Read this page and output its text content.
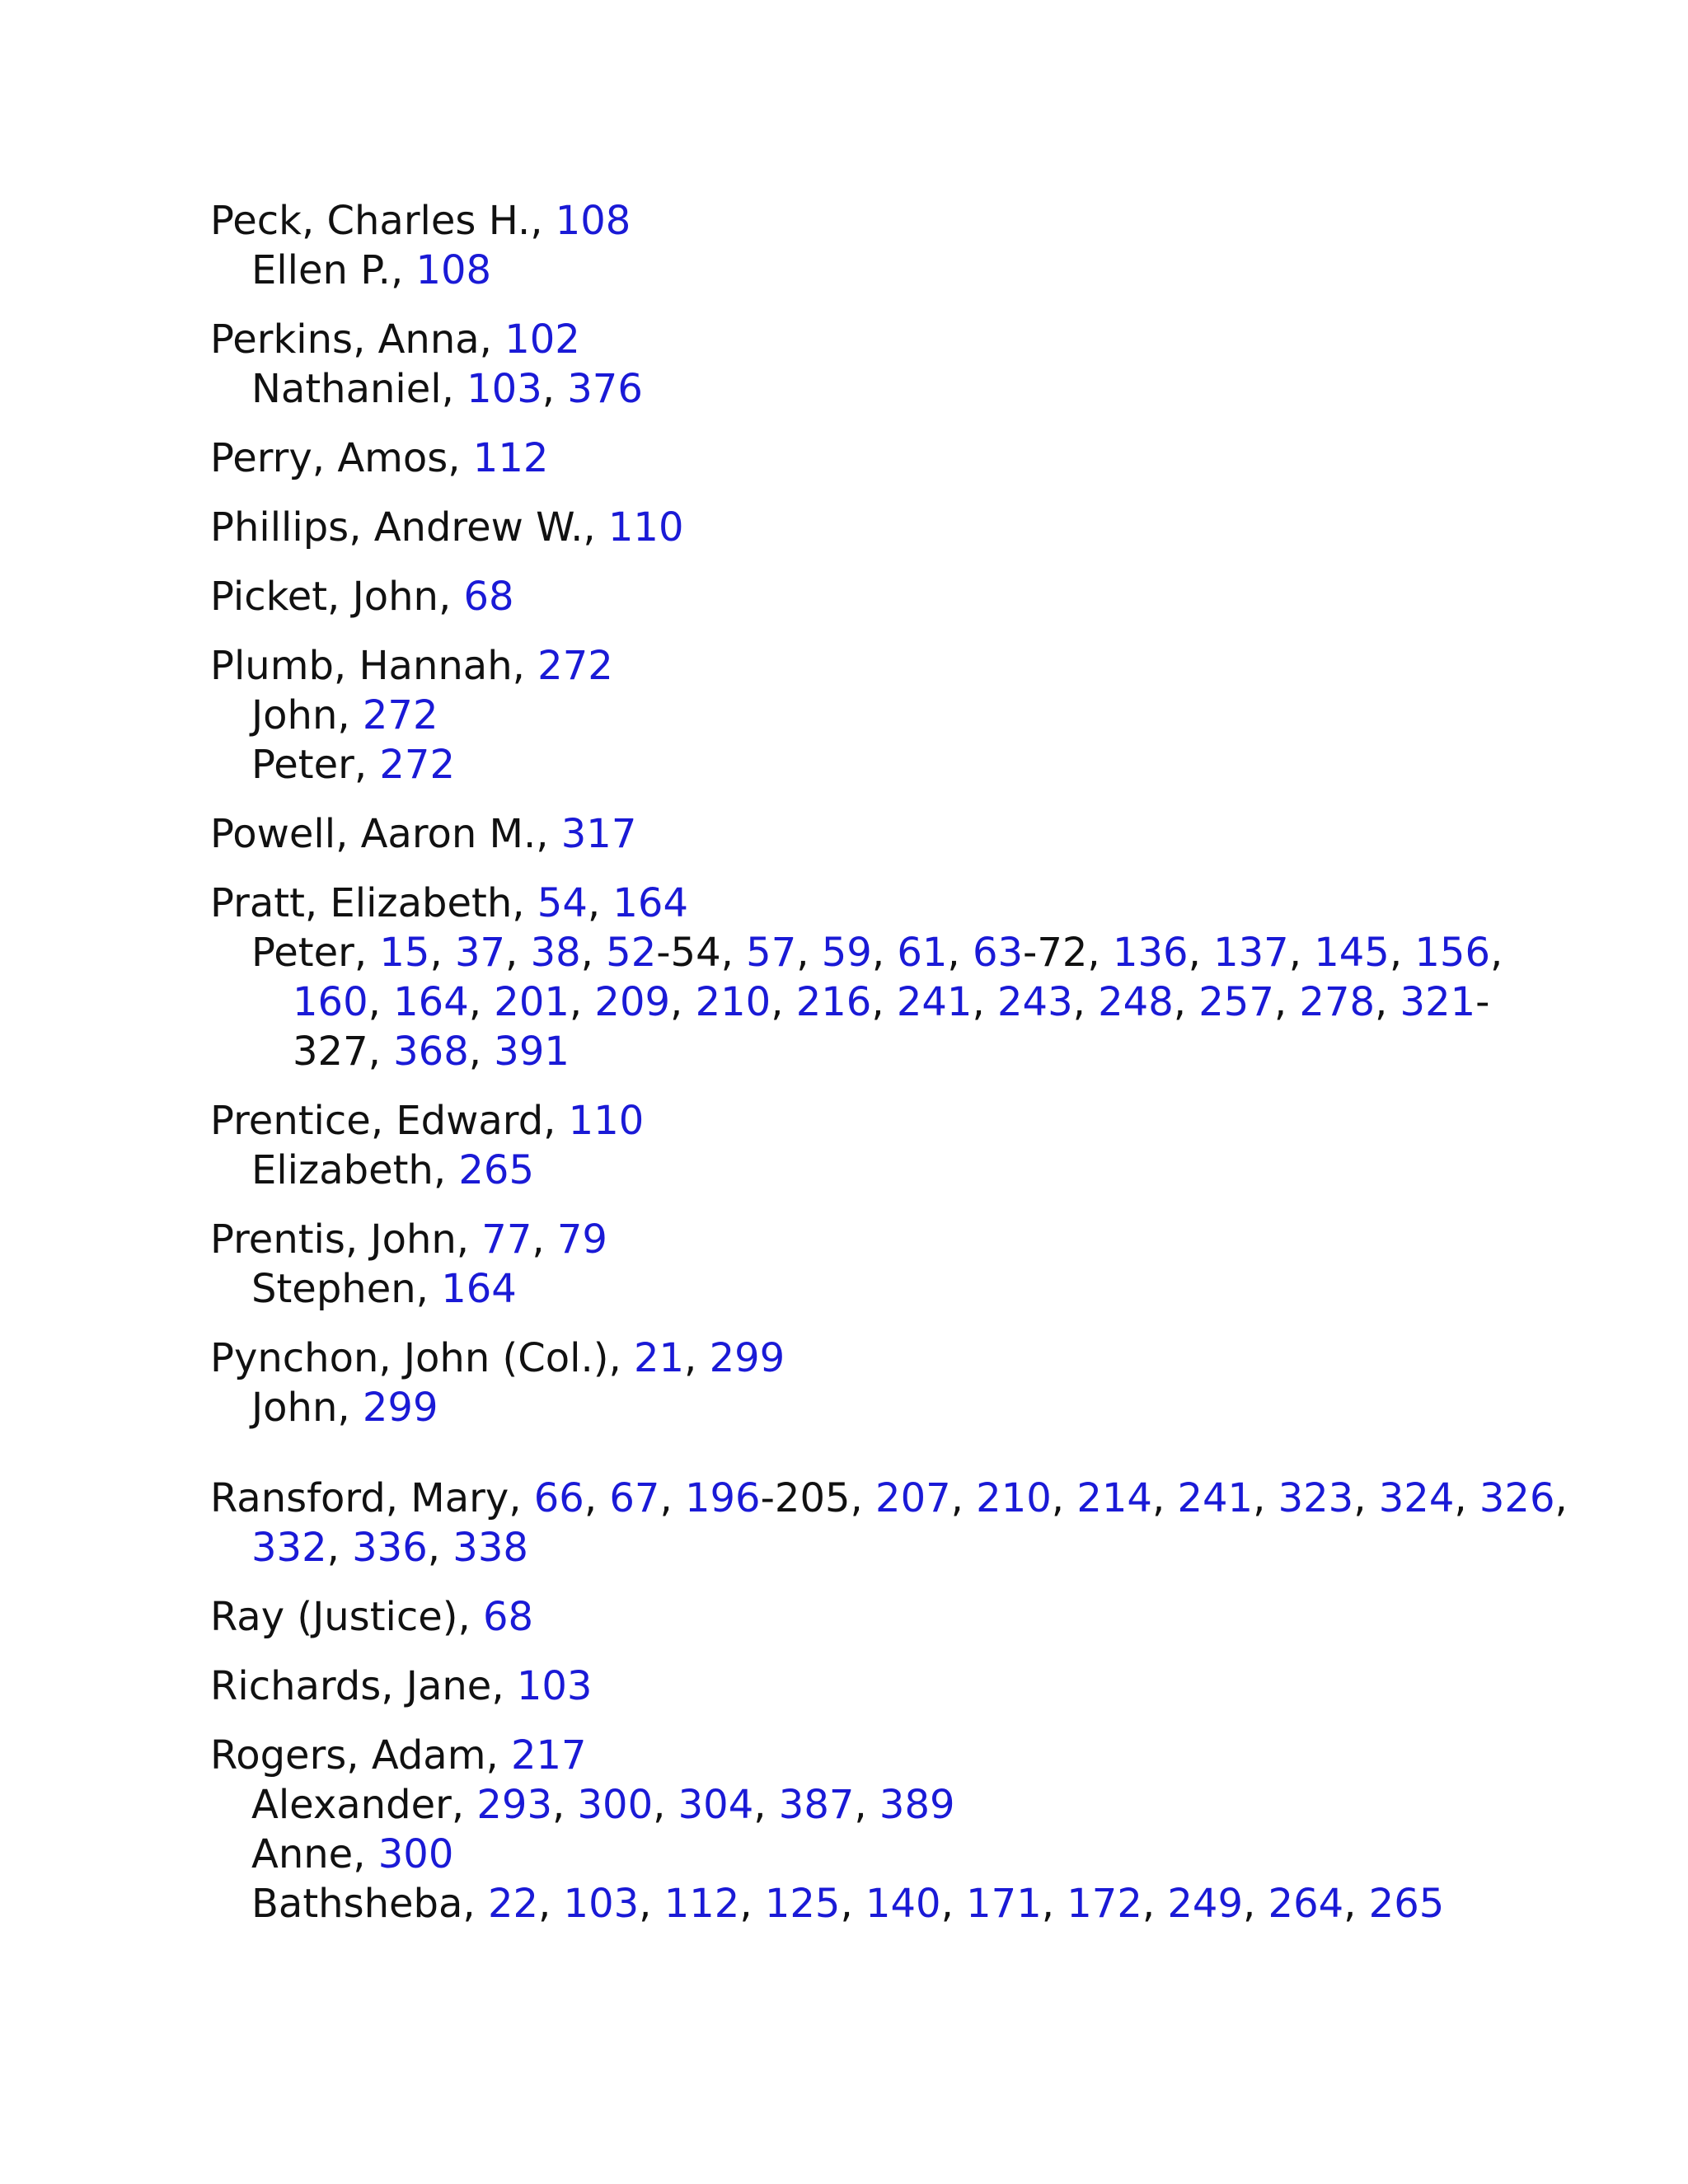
Peck, Charles H., 108
Ellen P., 108
Perkins, Anna, 102
Nathaniel, 103, 376
Perry, Amos, 112
Phillips, Andrew W., 110
Picket, John, 68
Plumb, Hannah, 272
John, 272
Peter, 272
Powell, Aaron M., 317
Pratt, Elizabeth, 54, 164
Peter, 15, 37, 38, 52-54, 57, 59, 61, 63-72, 136, 137, 145, 156,
160, 164, 201, 209, 210, 216, 241, 243, 248, 257, 278, 321-
327, 368, 391
Prentice, Edward, 110
Elizabeth, 265
Prentis, John, 77, 79
Stephen, 164
Pynchon, John (Col.), 21, 299
John, 299
Ransford, Mary, 66, 67, 196-205, 207, 210, 214, 241, 323, 324, 326,
332, 336, 338
Ray (Justice), 68
Richards, Jane, 103
Rogers, Adam, 217
Alexander, 293, 300, 304, 387, 389
Anne, 300
Bathsheba, 22, 103, 112, 125, 140, 171, 172, 249, 264, 265
